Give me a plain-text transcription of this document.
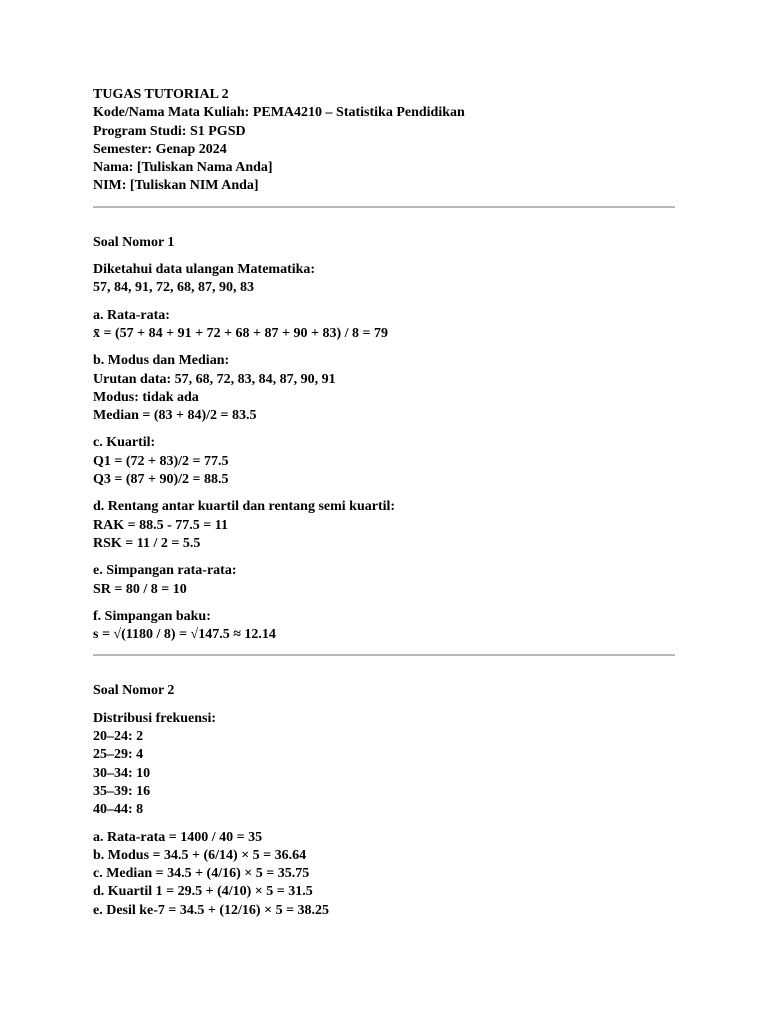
TUGAS TUTORIAL 2
Kode/Nama Mata Kuliah: PEMA4210 – Statistika Pendidikan
Program Studi: S1 PGSD
Semester: Genap 2024
Nama: [Tuliskan Nama Anda]
NIM: [Tuliskan NIM Anda]
Soal Nomor 1
Diketahui data ulangan Matematika:
57, 84, 91, 72, 68, 87, 90, 83
a. Rata-rata:
x̄ = (57 + 84 + 91 + 72 + 68 + 87 + 90 + 83) / 8 = 79
b. Modus dan Median:
Urutan data: 57, 68, 72, 83, 84, 87, 90, 91
Modus: tidak ada
Median = (83 + 84)/2 = 83.5
c. Kuartil:
Q1 = (72 + 83)/2 = 77.5
Q3 = (87 + 90)/2 = 88.5
d. Rentang antar kuartil dan rentang semi kuartil:
RAK = 88.5 - 77.5 = 11
RSK = 11 / 2 = 5.5
e. Simpangan rata-rata:
SR = 80 / 8 = 10
f. Simpangan baku:
s = √(1180 / 8) = √147.5 ≈ 12.14
Soal Nomor 2
Distribusi frekuensi:
20–24: 2
25–29: 4
30–34: 10
35–39: 16
40–44: 8
a. Rata-rata = 1400 / 40 = 35
b. Modus = 34.5 + (6/14) × 5 = 36.64
c. Median = 34.5 + (4/16) × 5 = 35.75
d. Kuartil 1 = 29.5 + (4/10) × 5 = 31.5
e. Desil ke-7 = 34.5 + (12/16) × 5 = 38.25
